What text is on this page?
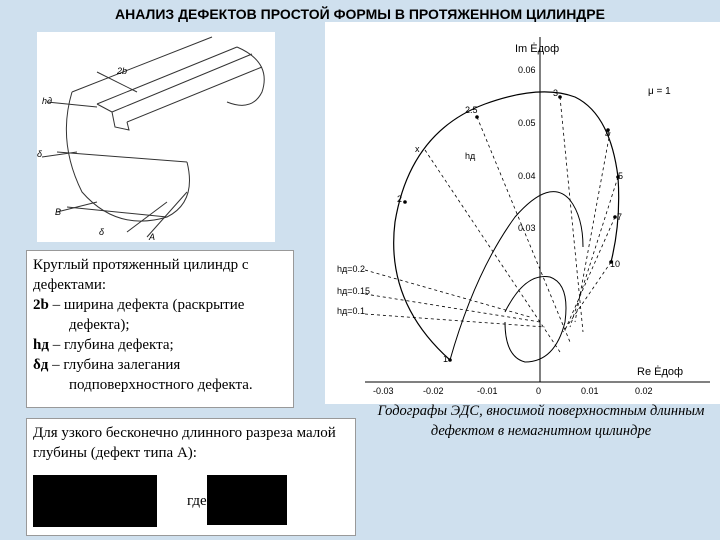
АНАЛИЗ ДЕФЕКТОВ ПРОСТОЙ ФОРМЫ В ПРОТЯЖЕННОМ ЦИЛИНДРЕ
2b
hд
δ
B
δ	A
Круглый протяженный цилиндр с дефектами:
2b – ширина дефекта (раскрытие
дефекта);
hд – глубина дефекта;
δд – глубина залегания
подповерхностного дефекта.
Для узкого бесконечно длинного разреза малой глубины (дефект типа А):
где
0.06
0.05
0.04
0.03
-0.03	-0.02	-0.01	0	0.01	0.02
Im Ėдоф
Re Ėдоф
μ = 1
1
2
2.5
3
4
5
7
10
hд=0.2
hд=0.15
hд=0.1
x
hд
Годографы ЭДС, вносимой поверхностным длинным дефектом в немагнитном цилиндре
